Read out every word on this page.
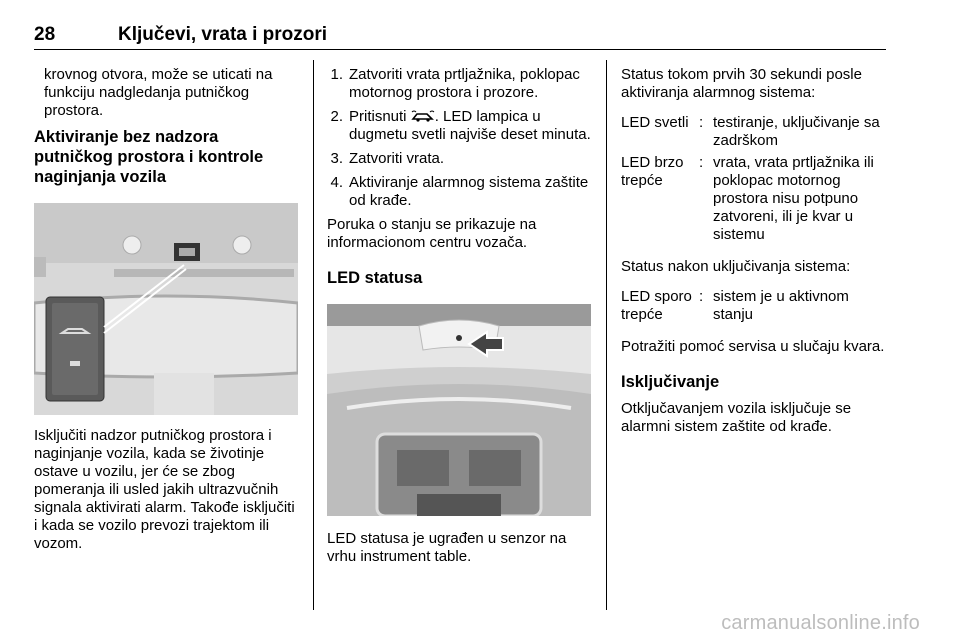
28	Ključevi, vrata i prozori

krovnog otvora, može se uticati na funkciju nadgledanja putničkog prostora.

Aktiviranje bez nadzora putničkog prostora i kontrole naginjanja vozila

Isključiti nadzor putničkog prostora i naginjanje vozila, kada se životinje ostave u vozilu, jer će se zbog pomeranja ili usled jakih ultrazvučnih signala aktivirati alarm. Takođe isključiti i kada se vozilo prevozi trajektom ili vozom.

1. Zatvoriti vrata prtljažnika, poklopac motornog prostora i prozore.
2. Pritisnuti . LED lampica u dugmetu svetli najviše deset minuta.
3. Zatvoriti vrata.
4. Aktiviranje alarmnog sistema zaštite od krađe.

Poruka o stanju se prikazuje na informacionom centru vozača.

LED statusa

LED statusa je ugrađen u senzor na vrhu instrument table.

Status tokom prvih 30 sekundi posle aktiviranja alarmnog sistema:

LED svetli : testiranje, uključivanje sa zadrškom
LED brzo trepće
: vrata, vrata prtljažnika ili poklopac motornog prostora nisu potpuno zatvoreni, ili je kvar u sistemu

Status nakon uključivanja sistema:

LED sporo trepće
: sistem je u aktivnom stanju

Potražiti pomoć servisa u slučaju kvara.

Isključivanje

Otključavanjem vozila isključuje se alarmni sistem zaštite od krađe.

carmanualsonline.info
